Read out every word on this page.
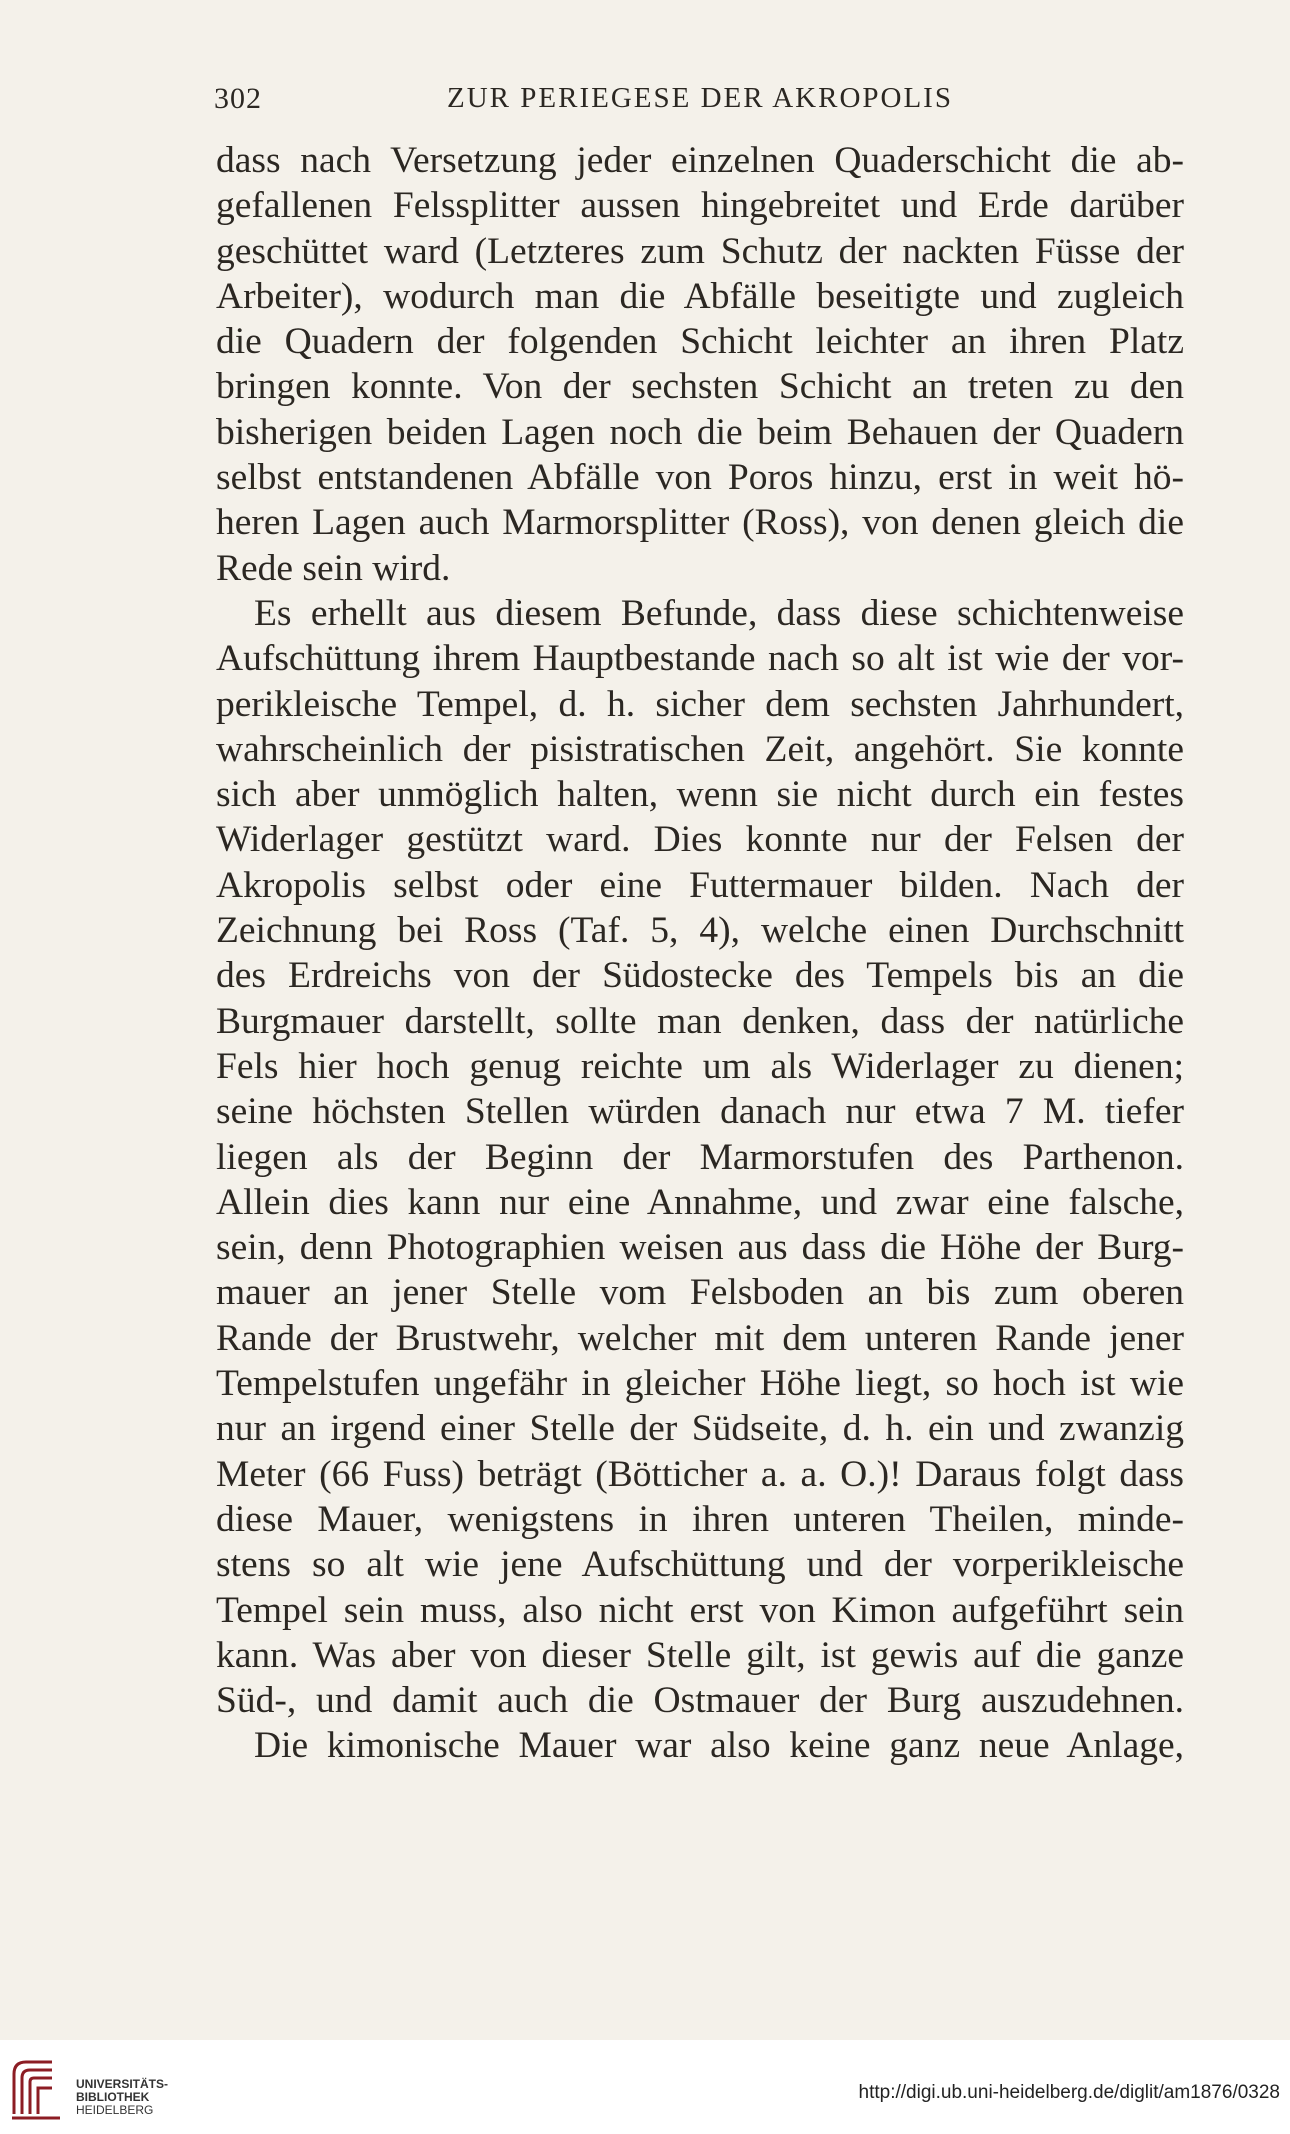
302	ZUR PERIEGESE DER AKROPOLIS
dass nach Versetzung jeder einzelnen Quaderschicht die ab-
gefallenen Felssplitter aussen hingebreitet und Erde darüber
geschüttet ward (Letzteres zum Schutz der nackten Füsse der
Arbeiter), wodurch man die Abfälle beseitigte und zugleich
die Quadern der folgenden Schicht leichter an ihren Platz
bringen konnte. Von der sechsten Schicht an treten zu den
bisherigen beiden Lagen noch die beim Behauen der Quadern
selbst entstandenen Abfälle von Poros hinzu, erst in weit hö-
heren Lagen auch Marmorsplitter (Ross), von denen gleich die
Rede sein wird.
Es erhellt aus diesem Befunde, dass diese schichtenweise
Aufschüttung ihrem Hauptbestande nach so alt ist wie der vor-
perikleische Tempel, d. h. sicher dem sechsten Jahrhundert,
wahrscheinlich der pisistratischen Zeit, angehört. Sie konnte
sich aber unmöglich halten, wenn sie nicht durch ein festes
Widerlager gestützt ward. Dies konnte nur der Felsen der
Akropolis selbst oder eine Futtermauer bilden. Nach der
Zeichnung bei Ross (Taf. 5, 4), welche einen Durchschnitt
des Erdreichs von der Südostecke des Tempels bis an die
Burgmauer darstellt, sollte man denken, dass der natürliche
Fels hier hoch genug reichte um als Widerlager zu dienen;
seine höchsten Stellen würden danach nur etwa 7 M. tiefer
liegen als der Beginn der Marmorstufen des Parthenon.
Allein dies kann nur eine Annahme, und zwar eine falsche,
sein, denn Photographien weisen aus dass die Höhe der Burg-
mauer an jener Stelle vom Felsboden an bis zum oberen
Rande der Brustwehr, welcher mit dem unteren Rande jener
Tempelstufen ungefähr in gleicher Höhe liegt, so hoch ist wie
nur an irgend einer Stelle der Südseite, d. h. ein und zwanzig
Meter (66 Fuss) beträgt (Bötticher a. a. O.)! Daraus folgt dass
diese Mauer, wenigstens in ihren unteren Theilen, minde-
stens so alt wie jene Aufschüttung und der vorperikleische
Tempel sein muss, also nicht erst von Kimon aufgeführt sein
kann. Was aber von dieser Stelle gilt, ist gewis auf die ganze
Süd-, und damit auch die Ostmauer der Burg auszudehnen.
Die kimonische Mauer war also keine ganz neue Anlage,
UNIVERSITÄTS-
BIBLIOTHEK
HEIDELBERG
http://digi.ub.uni-heidelberg.de/diglit/am1876/0328
